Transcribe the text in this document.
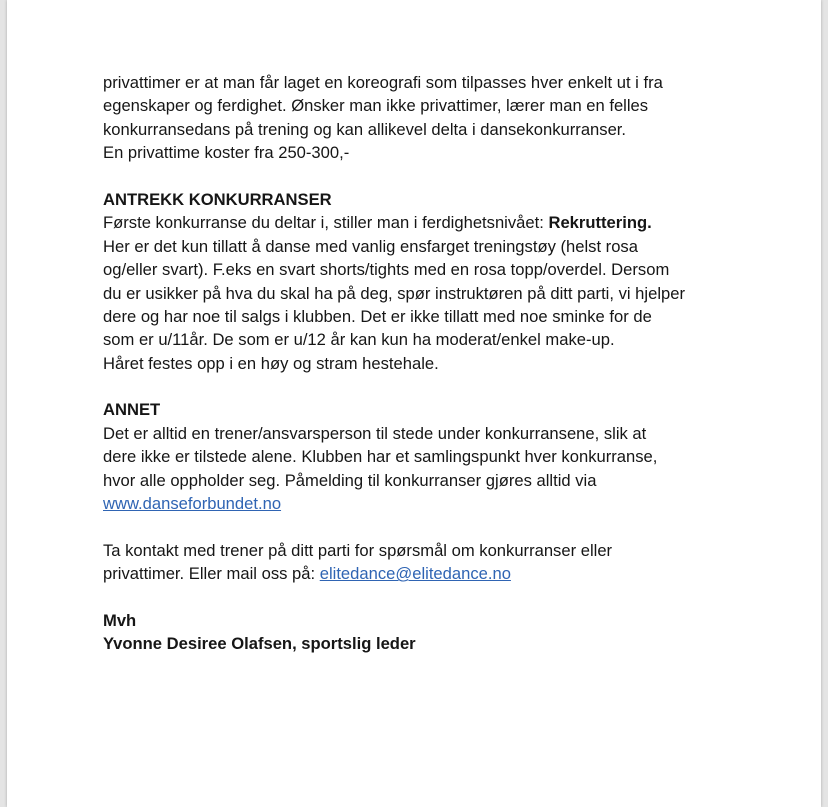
privattimer er at man får laget en koreografi som tilpasses hver enkelt ut i fra
egenskaper og ferdighet. Ønsker man ikke privattimer, lærer man en felles
konkurransedans på trening og kan allikevel delta i dansekonkurranser.
En privattime koster fra 250-300,-
ANTREKK KONKURRANSER
Første konkurranse du deltar i, stiller man i ferdighetsnivået: Rekruttering.
Her er det kun tillatt å danse med vanlig ensfarget treningstøy (helst rosa
og/eller svart). F.eks en svart shorts/tights med en rosa topp/overdel. Dersom
du er usikker på hva du skal ha på deg, spør instruktøren på ditt parti, vi hjelper
dere og har noe til salgs i klubben. Det er ikke tillatt med noe sminke for de
som er u/11år. De som er u/12 år kan kun ha moderat/enkel make-up.
Håret festes opp i en høy og stram hestehale.
ANNET
Det er alltid en trener/ansvarsperson til stede under konkurransene, slik at
dere ikke er tilstede alene. Klubben har et samlingspunkt hver konkurranse,
hvor alle oppholder seg. Påmelding til konkurranser gjøres alltid via
www.danseforbundet.no
Ta kontakt med trener på ditt parti for spørsmål om konkurranser eller
privattimer. Eller mail oss på: elitedance@elitedance.no
Mvh
Yvonne Desiree Olafsen, sportslig leder
